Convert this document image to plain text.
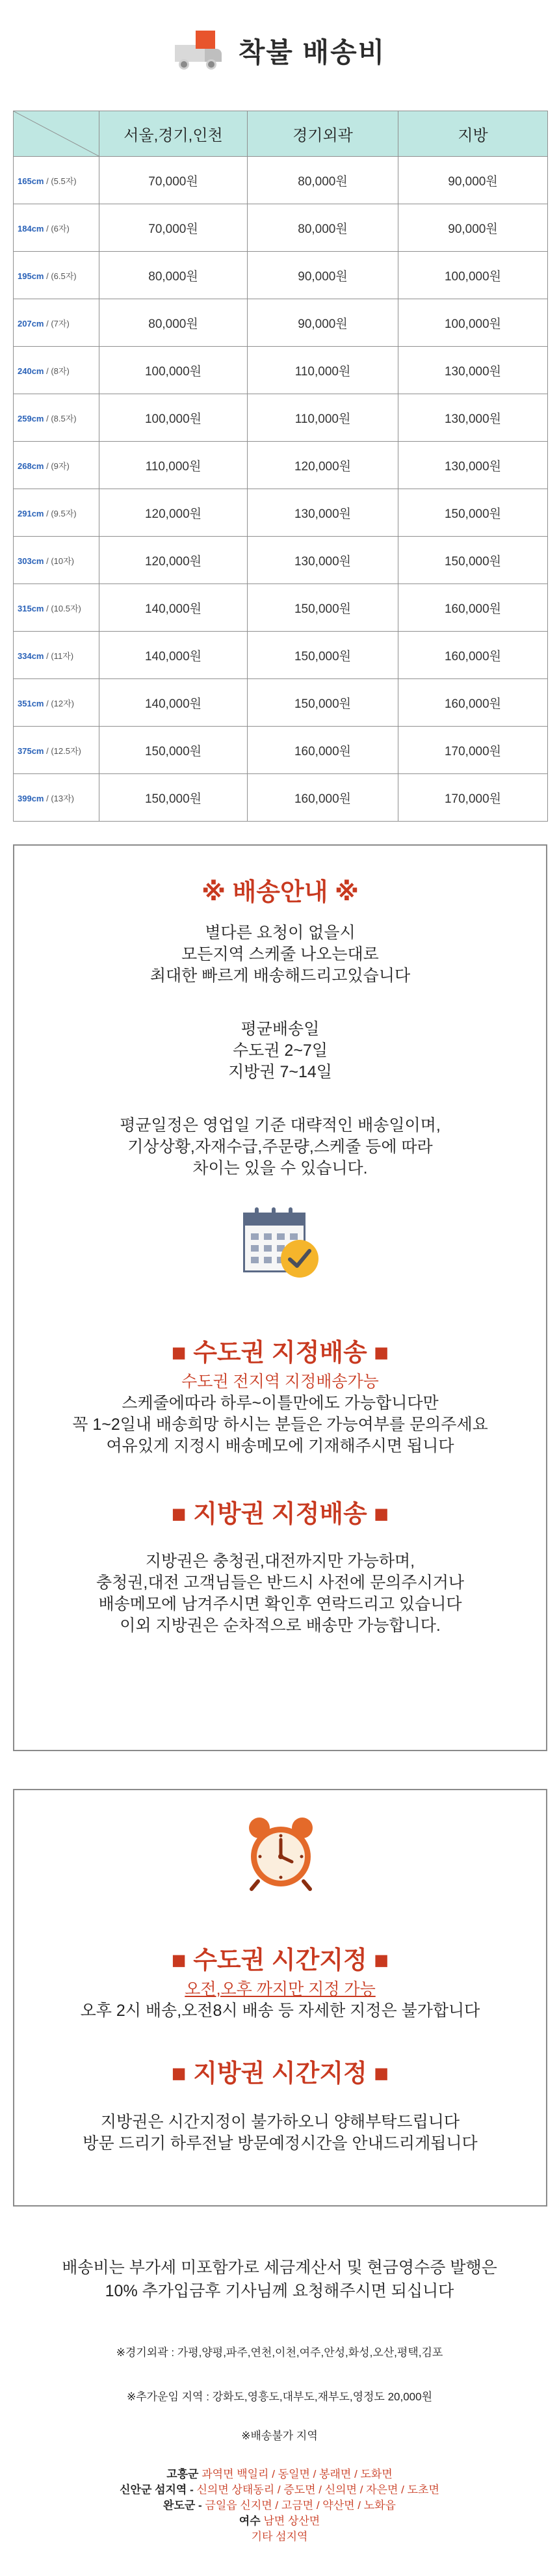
착불 배송비
	서울,경기,인천	경기외곽	지방
165cm / (5.5자)	70,000원	80,000원	90,000원
184cm / (6자)	70,000원	80,000원	90,000원
195cm / (6.5자)	80,000원	90,000원	100,000원
207cm / (7자)	80,000원	90,000원	100,000원
240cm / (8자)	100,000원	110,000원	130,000원
259cm / (8.5자)	100,000원	110,000원	130,000원
268cm / (9자)	110,000원	120,000원	130,000원
291cm / (9.5자)	120,000원	130,000원	150,000원
303cm / (10자)	120,000원	130,000원	150,000원
315cm / (10.5자)	140,000원	150,000원	160,000원
334cm / (11자)	140,000원	150,000원	160,000원
351cm / (12자)	140,000원	150,000원	160,000원
375cm / (12.5자)	150,000원	160,000원	170,000원
399cm / (13자)	150,000원	160,000원	170,000원
※ 배송안내 ※
별다른 요청이 없을시
모든지역 스케줄 나오는대로
최대한 빠르게 배송해드리고있습니다
평균배송일
수도권 2~7일
지방권 7~14일
평균일정은 영업일 기준 대략적인 배송일이며,
기상상황,자재수급,주문량,스케줄 등에 따라
차이는 있을 수 있습니다.
■ 수도권 지정배송 ■
수도권 전지역 지정배송가능
스케줄에따라 하루~이틀만에도 가능합니다만
꼭 1~2일내 배송희망 하시는 분들은 가능여부를 문의주세요
여유있게 지정시 배송메모에 기재해주시면 됩니다
■ 지방권 지정배송 ■
지방권은 충청권,대전까지만 가능하며,
충청권,대전 고객님들은 반드시 사전에 문의주시거나
배송메모에 남겨주시면 확인후 연락드리고 있습니다
이외 지방권은 순차적으로 배송만 가능합니다.
■ 수도권 시간지정 ■
오전,오후 까지만 지정 가능
오후 2시 배송,오전8시 배송 등 자세한 지정은 불가합니다
■ 지방권 시간지정 ■
지방권은 시간지정이 불가하오니 양해부탁드립니다
방문 드리기 하루전날 방문예정시간을 안내드리게됩니다
배송비는 부가세 미포함가로 세금계산서 및 현금영수증 발행은
10% 추가입금후 기사님께 요청해주시면 되십니다
※경기외곽 : 가평,양평,파주,연천,이천,여주,안성,화성,오산,평택,김포
※추가운임 지역 : 강화도,영흥도,대부도,재부도,영정도 20,000원
※배송불가 지역
고흥군 과역면 백일리 / 동일면 / 봉래면 / 도화면
신안군 섬지역 - 신의면 상태동리 / 증도면 / 신의면 / 자은면 / 도초면
완도군 - 금일읍 신지면 / 고금면 / 약산면 / 노화읍
여수 남면 상산면
기타 섬지역
